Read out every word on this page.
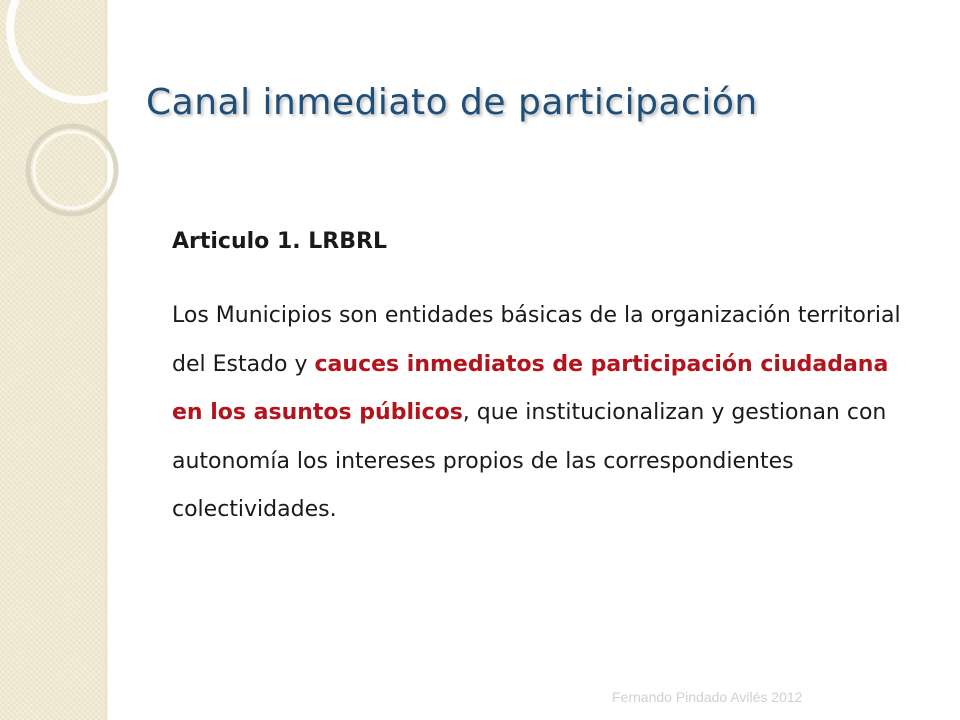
Canal inmediato de participación

Articulo 1. LRBRL

Los Municipios son entidades básicas de la organización territorial del Estado y cauces inmediatos de participación ciudadana en los asuntos públicos, que institucionalizan y gestionan con autonomía los intereses propios de las correspondientes colectividades.

Fernando Pindado Avilés 2012
